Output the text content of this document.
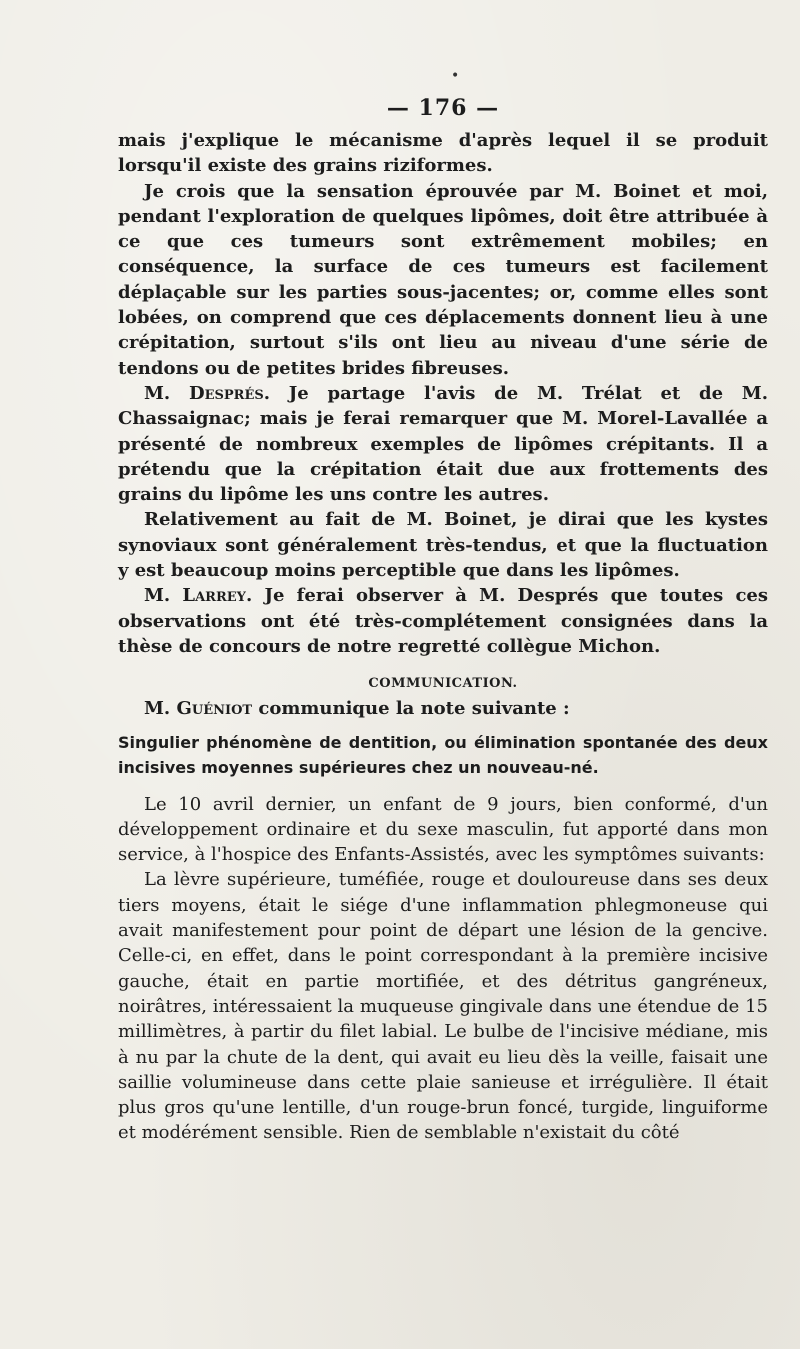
•
— 176 —

mais j'explique le mécanisme d'après lequel il se produit lorsqu'il existe des grains riziformes.

Je crois que la sensation éprouvée par M. Boinet et moi, pendant l'exploration de quelques lipômes, doit être attribuée à ce que ces tumeurs sont extrêmement mobiles; en conséquence, la surface de ces tumeurs est facilement déplaçable sur les parties sous-jacentes; or, comme elles sont lobées, on comprend que ces déplacements donnent lieu à une crépitation, surtout s'ils ont lieu au niveau d'une série de tendons ou de petites brides fibreuses.

M. Després. Je partage l'avis de M. Trélat et de M. Chassaignac; mais je ferai remarquer que M. Morel-Lavallée a présenté de nombreux exemples de lipômes crépitants. Il a prétendu que la crépitation était due aux frottements des grains du lipôme les uns contre les autres.

Relativement au fait de M. Boinet, je dirai que les kystes synoviaux sont généralement très-tendus, et que la fluctuation y est beaucoup moins perceptible que dans les lipômes.

M. Larrey. Je ferai observer à M. Després que toutes ces observations ont été très-complétement consignées dans la thèse de concours de notre regretté collègue Michon.

COMMUNICATION.

M. Guéniot communique la note suivante :

Singulier phénomène de dentition, ou élimination spontanée des deux incisives moyennes supérieures chez un nouveau-né.

Le 10 avril dernier, un enfant de 9 jours, bien conformé, d'un développement ordinaire et du sexe masculin, fut apporté dans mon service, à l'hospice des Enfants-Assistés, avec les symptômes suivants:

La lèvre supérieure, tuméfiée, rouge et douloureuse dans ses deux tiers moyens, était le siége d'une inflammation phlegmoneuse qui avait manifestement pour point de départ une lésion de la gencive. Celle-ci, en effet, dans le point correspondant à la première incisive gauche, était en partie mortifiée, et des détritus gangréneux, noirâtres, intéressaient la muqueuse gingivale dans une étendue de 15 millimètres, à partir du filet labial. Le bulbe de l'incisive médiane, mis à nu par la chute de la dent, qui avait eu lieu dès la veille, faisait une saillie volumineuse dans cette plaie sanieuse et irrégulière. Il était plus gros qu'une lentille, d'un rouge-brun foncé, turgide, linguiforme et modérément sensible. Rien de semblable n'existait du côté
